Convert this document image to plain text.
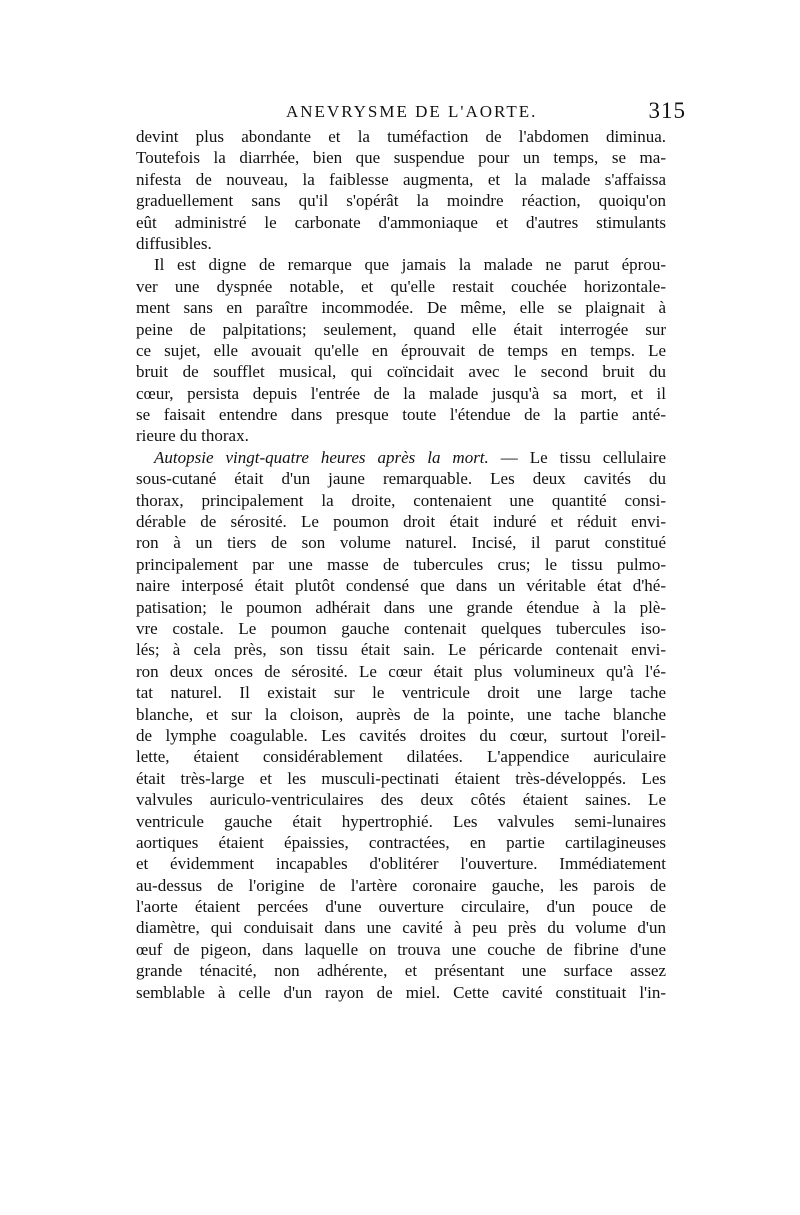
ANEVRYSME DE L'AORTE.	315
devint plus abondante et la tuméfaction de l'abdomen diminua.
Toutefois la diarrhée, bien que suspendue pour un temps, se ma-
nifesta de nouveau, la faiblesse augmenta, et la malade s'affaissa
graduellement sans qu'il s'opérât la moindre réaction, quoiqu'on
eût administré le carbonate d'ammoniaque et d'autres stimulants
diffusibles.
Il est digne de remarque que jamais la malade ne parut éprou-
ver une dyspnée notable, et qu'elle restait couchée horizontale-
ment sans en paraître incommodée. De même, elle se plaignait à
peine de palpitations; seulement, quand elle était interrogée sur
ce sujet, elle avouait qu'elle en éprouvait de temps en temps. Le
bruit de soufflet musical, qui coïncidait avec le second bruit du
cœur, persista depuis l'entrée de la malade jusqu'à sa mort, et il
se faisait entendre dans presque toute l'étendue de la partie anté-
rieure du thorax.
Autopsie vingt-quatre heures après la mort. — Le tissu cellulaire
sous-cutané était d'un jaune remarquable. Les deux cavités du
thorax, principalement la droite, contenaient une quantité consi-
dérable de sérosité. Le poumon droit était induré et réduit envi-
ron à un tiers de son volume naturel. Incisé, il parut constitué
principalement par une masse de tubercules crus; le tissu pulmo-
naire interposé était plutôt condensé que dans un véritable état d'hé-
patisation; le poumon adhérait dans une grande étendue à la plè-
vre costale. Le poumon gauche contenait quelques tubercules iso-
lés; à cela près, son tissu était sain. Le péricarde contenait envi-
ron deux onces de sérosité. Le cœur était plus volumineux qu'à l'é-
tat naturel. Il existait sur le ventricule droit une large tache
blanche, et sur la cloison, auprès de la pointe, une tache blanche
de lymphe coagulable. Les cavités droites du cœur, surtout l'oreil-
lette, étaient considérablement dilatées. L'appendice auriculaire
était très-large et les musculi-pectinati étaient très-développés. Les
valvules auriculo-ventriculaires des deux côtés étaient saines. Le
ventricule gauche était hypertrophié. Les valvules semi-lunaires
aortiques étaient épaissies, contractées, en partie cartilagineuses
et évidemment incapables d'oblitérer l'ouverture. Immédiatement
au-dessus de l'origine de l'artère coronaire gauche, les parois de
l'aorte étaient percées d'une ouverture circulaire, d'un pouce de
diamètre, qui conduisait dans une cavité à peu près du volume d'un
œuf de pigeon, dans laquelle on trouva une couche de fibrine d'une
grande ténacité, non adhérente, et présentant une surface assez
semblable à celle d'un rayon de miel. Cette cavité constituait l'in-
